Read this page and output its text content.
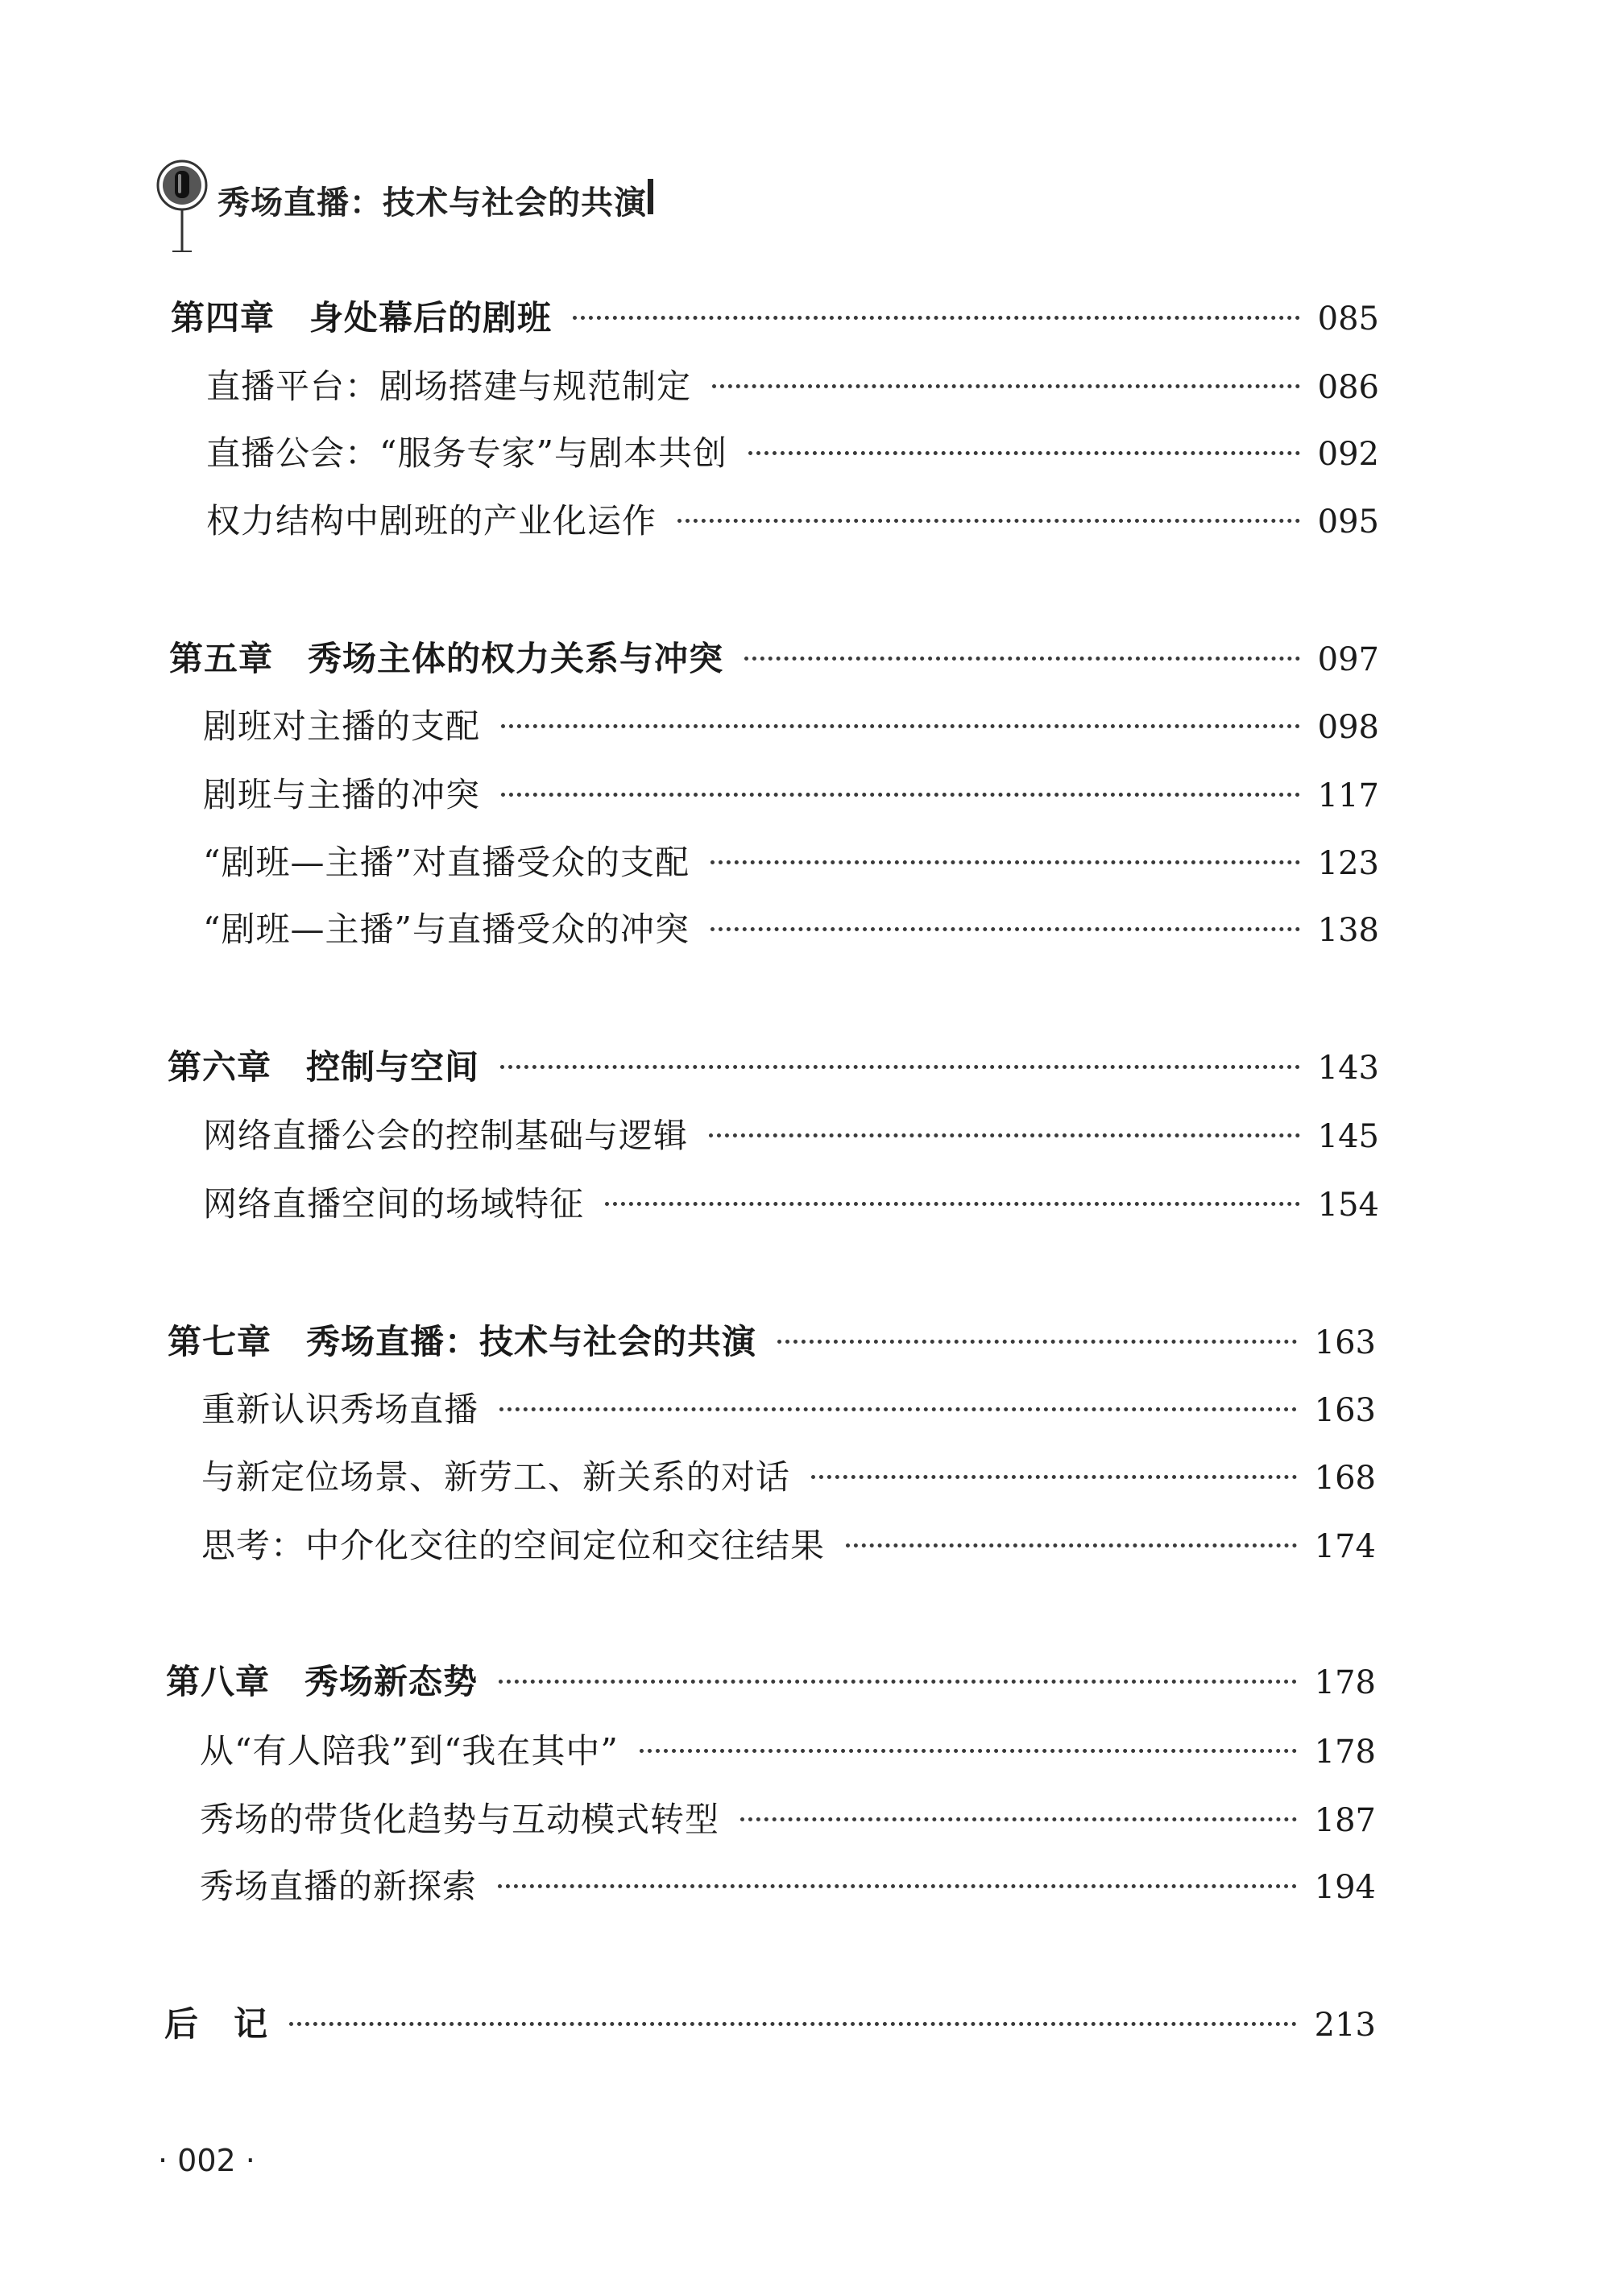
秀场直播：技术与社会的共演
第四章　身处幕后的剧班	085
直播平台：剧场搭建与规范制定	086
直播公会：“服务专家”与剧本共创	092
权力结构中剧班的产业化运作	095
第五章　秀场主体的权力关系与冲突	097
剧班对主播的支配	098
剧班与主播的冲突	117
“剧班—主播”对直播受众的支配	123
“剧班—主播”与直播受众的冲突	138
第六章　控制与空间	143
网络直播公会的控制基础与逻辑	145
网络直播空间的场域特征	154
第七章　秀场直播：技术与社会的共演	163
重新认识秀场直播	163
与新定位场景、新劳工、新关系的对话	168
思考：中介化交往的空间定位和交往结果	174
第八章　秀场新态势	178
从“有人陪我”到“我在其中”	178
秀场的带货化趋势与互动模式转型	187
秀场直播的新探索	194
后　记	213
· 002 ·
